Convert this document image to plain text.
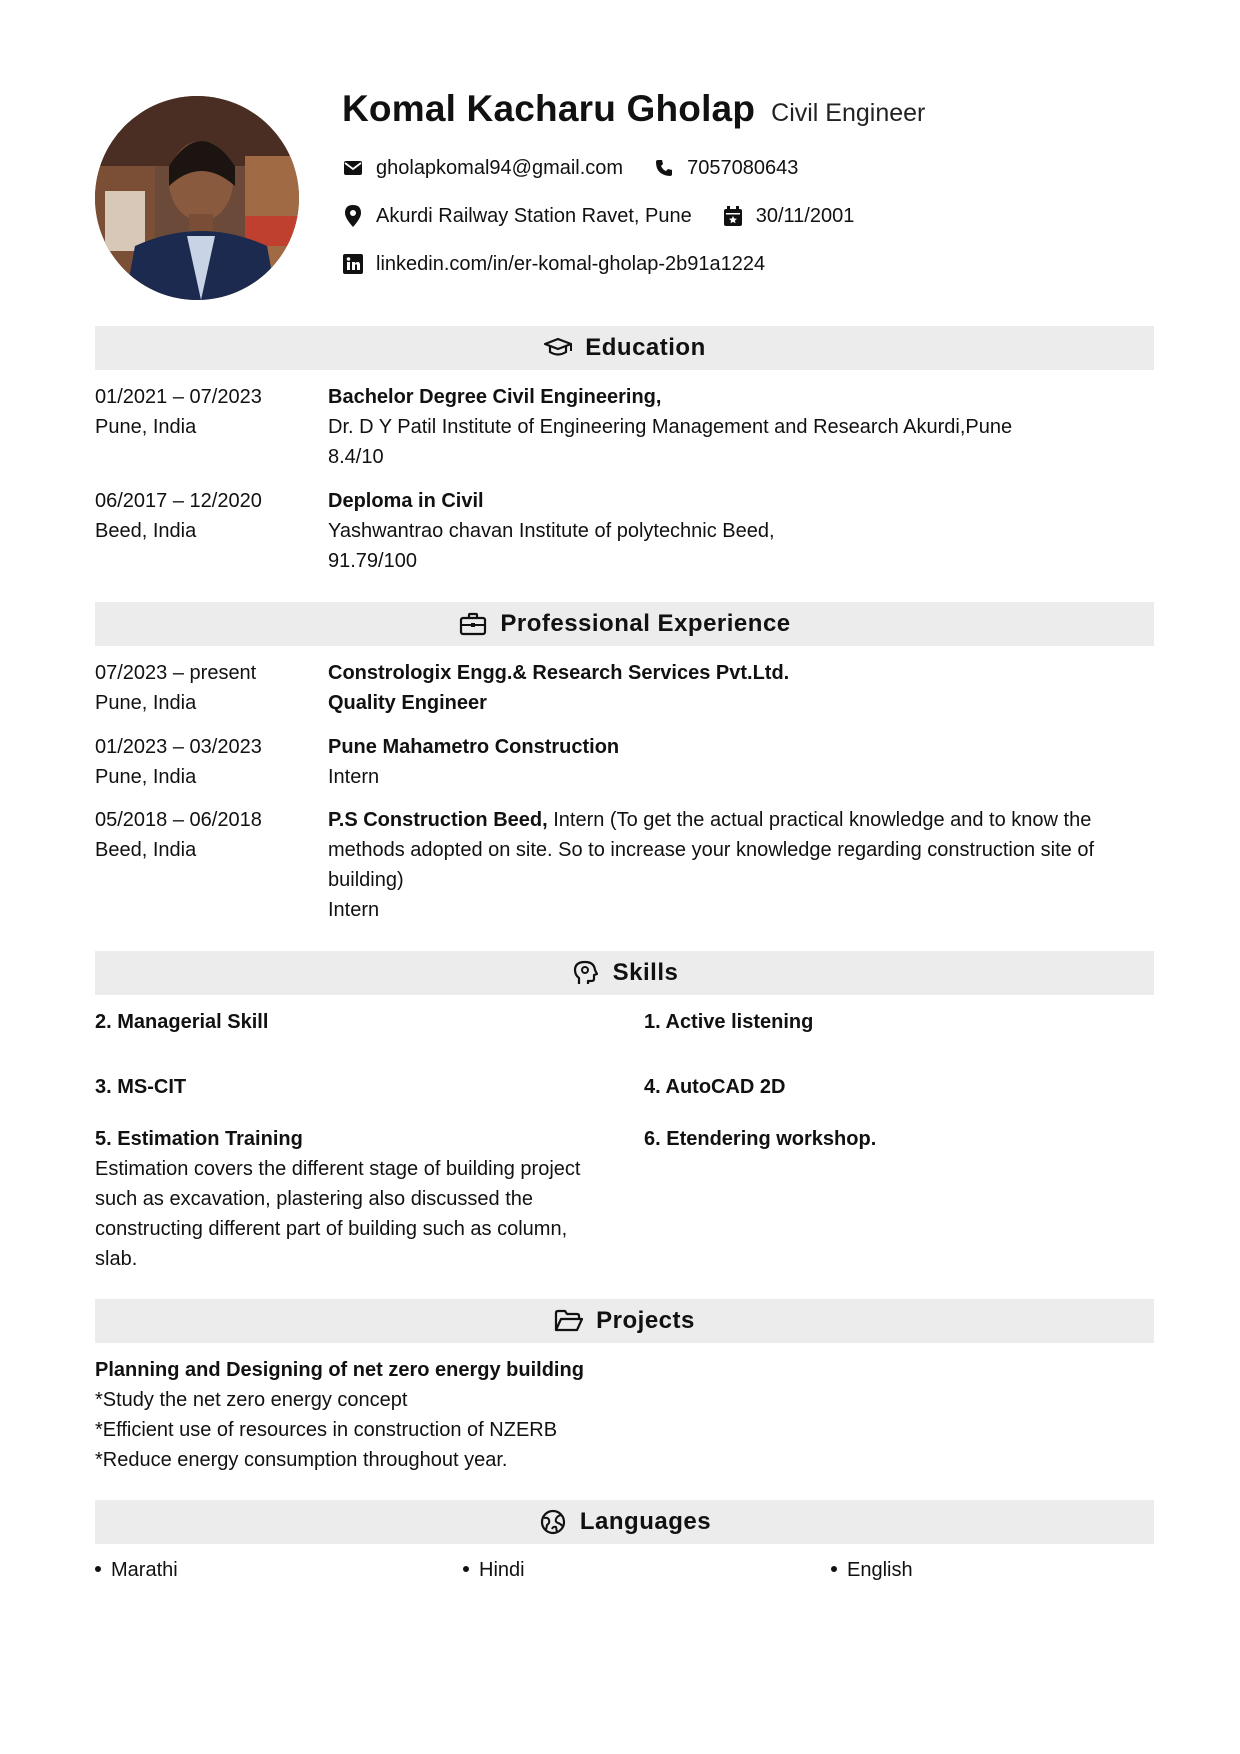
Komal Kacharu Gholap Civil Engineer
gholapkomal94@gmail.com	7057080643
Akurdi Railway Station Ravet, Pune	30/11/2001
linkedin.com/in/er-komal-gholap-2b91a1224
Education
01/2021 – 07/2023
Pune, India
Bachelor Degree Civil Engineering,
Dr. D Y Patil Institute of Engineering Management and Research Akurdi,Pune
8.4/10
06/2017 – 12/2020
Beed, India
Deploma in Civil
Yashwantrao chavan Institute of polytechnic Beed,
91.79/100
Professional Experience
07/2023 – present
Pune, India
Constrologix Engg.& Research Services Pvt.Ltd.
Quality Engineer
01/2023 – 03/2023
Pune, India
Pune Mahametro Construction
Intern
05/2018 – 06/2018
Beed, India
P.S Construction Beed, Intern (To get the actual practical knowledge and to know the methods adopted on site. So to increase your knowledge regarding construction site of building)
Intern
Skills
2. Managerial Skill	1. Active listening
3. MS-CIT	4. AutoCAD 2D
5. Estimation Training
Estimation covers the different stage of building project such as excavation, plastering also discussed the constructing different part of building such as column, slab.
6. Etendering workshop.
Projects
Planning and Designing of net zero energy building
*Study the net zero energy concept
*Efficient use of resources in construction of NZERB
*Reduce energy consumption throughout year.
Languages
Marathi	Hindi	English
